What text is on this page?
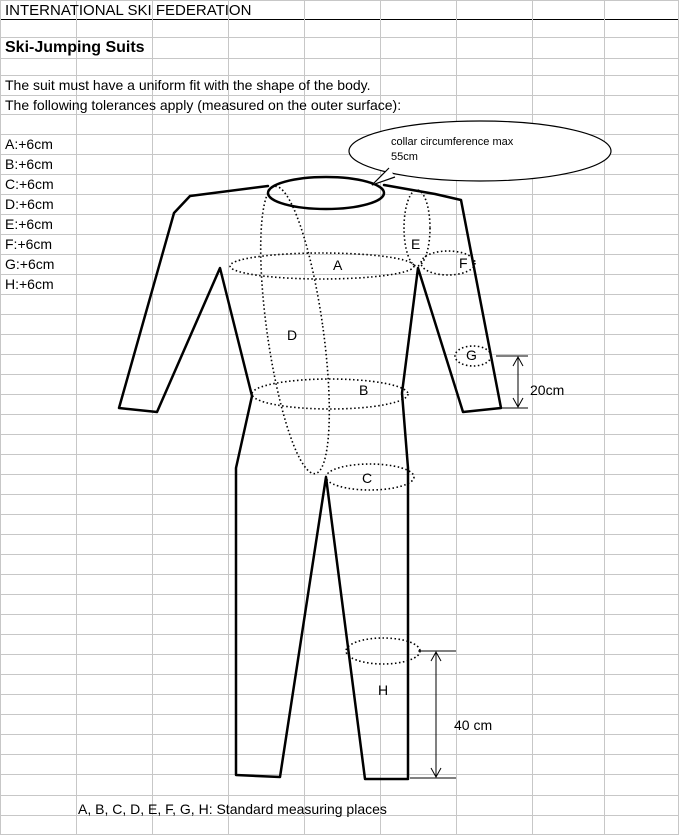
INTERNATIONAL SKI FEDERATION
Ski-Jumping Suits
The suit must have a uniform fit with the shape of the body.
The following tolerances apply (measured on the outer surface):
A:+6cm
B:+6cm
C:+6cm
D:+6cm
E:+6cm
F:+6cm
G:+6cm
H:+6cm
collar circumference max
55cm
A
B
C
D
E
F
G
H
20cm
40 cm
A, B, C, D, E, F, G, H: Standard measuring places
